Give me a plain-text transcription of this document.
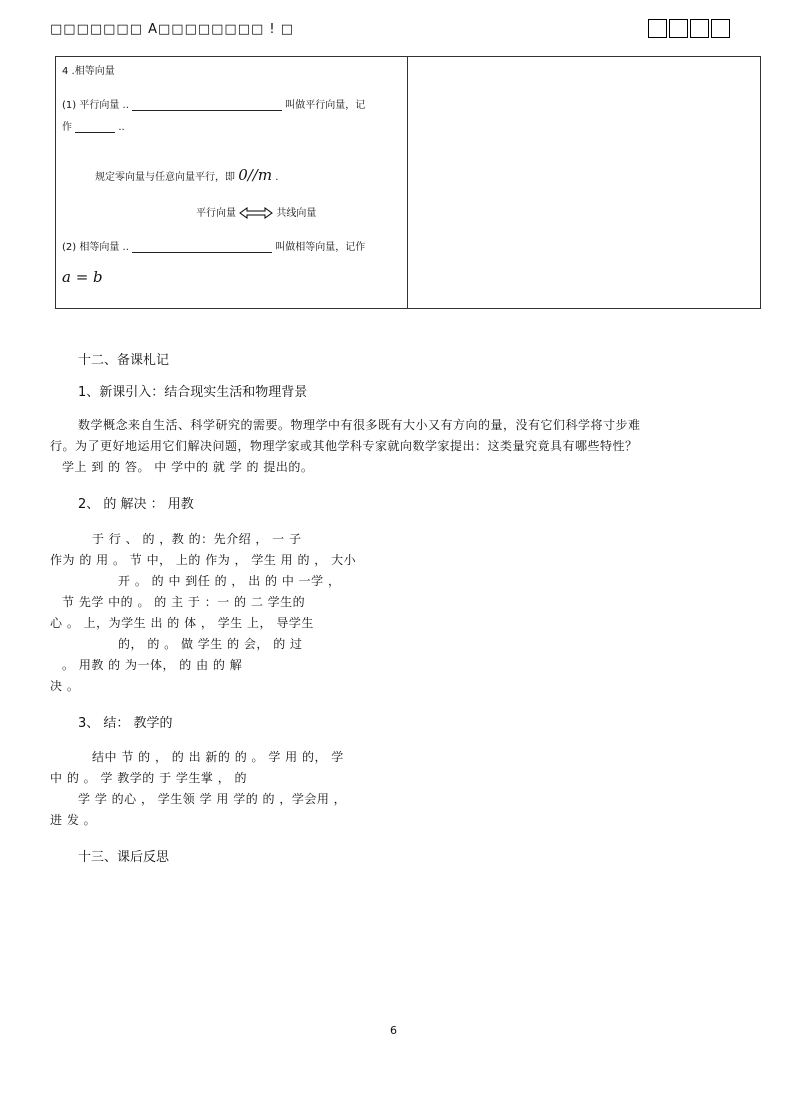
□□□□□□□ A□□□□□□□□ ! □
4 .相等向量
(1) 平行向量 ..	叫做平行向量，记
作	..
规定零向量与任意向量平行，即 0//m .
平行向量	共线向量
(2) 相等向量 ..	叫做相等向量，记作
a = b
十二、备课札记
1、新课引入：结合现实生活和物理背景
数学概念来自生活、科学研究的需要。物理学中有很多既有大小又有方向的量，没有它们科学将寸步难
行。为了更好地运用它们解决问题，物理学家或其他学科专家就向数学家提出：这类量究竟具有哪些特性？
学上 到 的 答。 中 学中的 就 学 的 提出的。
2、 的 解决 ： 用教
于 行 、 的 ，教 的：先介绍 ， 一 子
作为 的 用 。 节 中， 上的 作为 ， 学生 用 的 ， 大小
开 。 的 中 到任 的 ， 出 的 中 一学 ，
节 先学 中的 。 的 主 于 ：一 的 二 学生的
心 。 上，为学生 出 的 体 ， 学生 上， 导学生
的， 的 。 做 学生 的 会， 的 过
。 用教 的 为一体， 的 由 的 解
决 。
3、 结： 教学的
结中 节 的 ， 的 出 新的 的 。 学 用 的， 学
中 的 。 学 教学的 于 学生掌 ， 的
学 学 的心 ， 学生领 学 用 学的 的 ，学会用 ，
进 发 。
十三、课后反思
6
